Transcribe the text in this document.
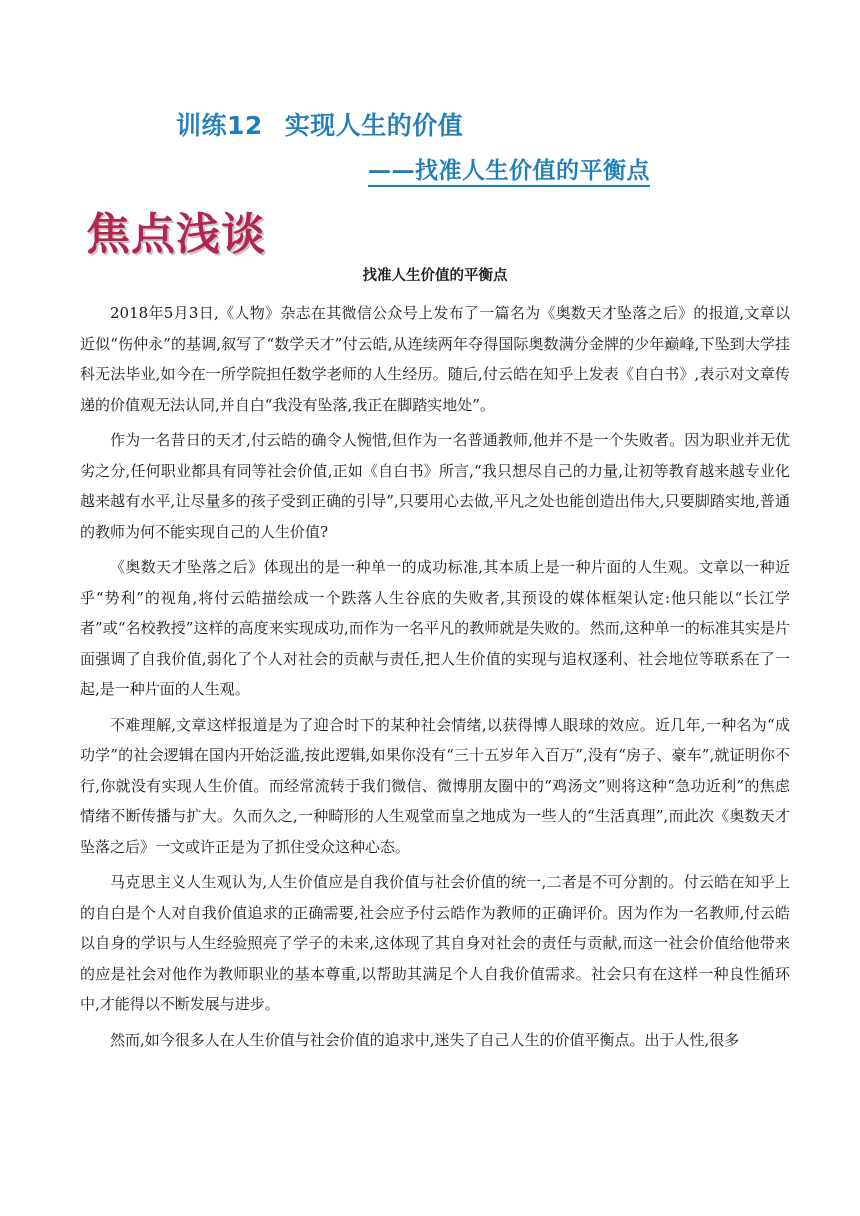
训练12 实现人生的价值
——找准人生价值的平衡点
焦点浅谈
找准人生价值的平衡点

2018年5月3日,《人物》杂志在其微信公众号上发布了一篇名为《奥数天才坠落之后》的报道,文章以近似“伤仲永”的基调,叙写了“数学天才”付云皓,从连续两年夺得国际奥数满分金牌的少年巅峰,下坠到大学挂科无法毕业,如今在一所学院担任数学老师的人生经历。随后,付云皓在知乎上发表《自白书》,表示对文章传递的价值观无法认同,并自白“我没有坠落,我正在脚踏实地处”。

作为一名昔日的天才,付云皓的确令人惋惜,但作为一名普通教师,他并不是一个失败者。因为职业并无优劣之分,任何职业都具有同等社会价值,正如《自白书》所言,“我只想尽自己的力量,让初等教育越来越专业化越来越有水平,让尽量多的孩子受到正确的引导”,只要用心去做,平凡之处也能创造出伟大,只要脚踏实地,普通的教师为何不能实现自己的人生价值?

《奥数天才坠落之后》体现出的是一种单一的成功标准,其本质上是一种片面的人生观。文章以一种近乎“势利”的视角,将付云皓描绘成一个跌落人生谷底的失败者,其预设的媒体框架认定:他只能以“长江学者”或“名校教授”这样的高度来实现成功,而作为一名平凡的教师就是失败的。然而,这种单一的标准其实是片面强调了自我价值,弱化了个人对社会的贡献与责任,把人生价值的实现与追权逐利、社会地位等联系在了一起,是一种片面的人生观。

不难理解,文章这样报道是为了迎合时下的某种社会情绪,以获得博人眼球的效应。近几年,一种名为“成功学”的社会逻辑在国内开始泛滥,按此逻辑,如果你没有“三十五岁年入百万”,没有“房子、豪车”,就证明你不行,你就没有实现人生价值。而经常流转于我们微信、微博朋友圈中的“鸡汤文”则将这种“急功近利”的焦虑情绪不断传播与扩大。久而久之,一种畸形的人生观堂而皇之地成为一些人的“生活真理”,而此次《奥数天才坠落之后》一文或许正是为了抓住受众这种心态。

马克思主义人生观认为,人生价值应是自我价值与社会价值的统一,二者是不可分割的。付云皓在知乎上的自白是个人对自我价值追求的正确需要,社会应予付云皓作为教师的正确评价。因为作为一名教师,付云皓以自身的学识与人生经验照亮了学子的未来,这体现了其自身对社会的责任与贡献,而这一社会价值给他带来的应是社会对他作为教师职业的基本尊重,以帮助其满足个人自我价值需求。社会只有在这样一种良性循环中,才能得以不断发展与进步。

然而,如今很多人在人生价值与社会价值的追求中,迷失了自己人生的价值平衡点。出于人性,很多
